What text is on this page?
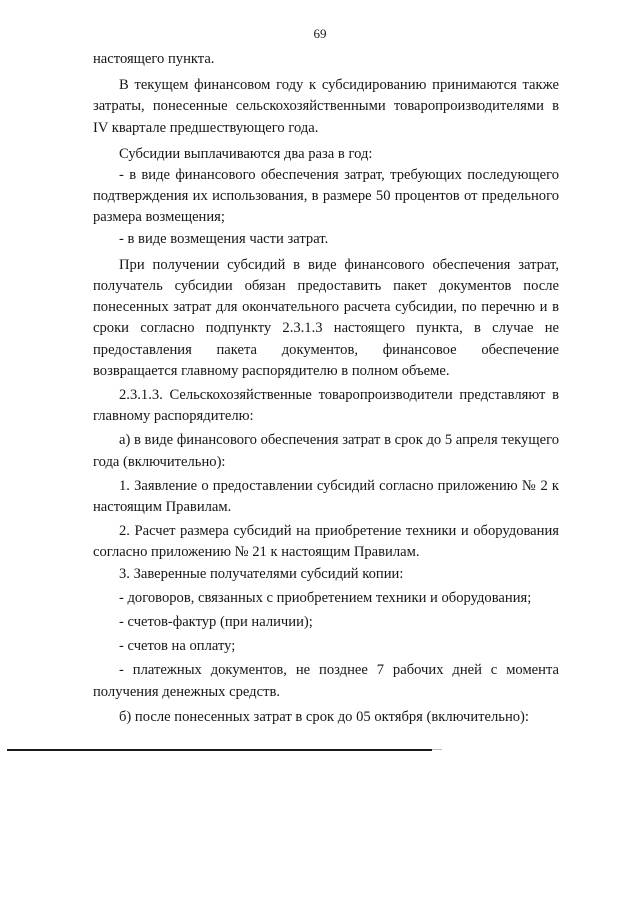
69

настоящего пункта.

В текущем финансовом году к субсидированию принимаются также затраты, понесенные сельскохозяйственными товаропроизводителями в IV квартале предшествующего года.

Субсидии выплачиваются два раза в год:

- в виде финансового обеспечения затрат, требующих последующего подтверждения их использования, в размере 50 процентов от предельного размера возмещения;

- в виде возмещения части затрат.

При получении субсидий в виде финансового обеспечения затрат, получатель субсидии обязан предоставить пакет документов после понесенных затрат для окончательного расчета субсидии, по перечню и в сроки согласно подпункту 2.3.1.3 настоящего пункта, в случае не предоставления пакета документов, финансовое обеспечение возвращается главному распорядителю в полном объеме.

2.3.1.3. Сельскохозяйственные товаропроизводители представляют в главному распорядителю:

а) в виде финансового обеспечения затрат в срок до 5 апреля текущего года (включительно):

1. Заявление о предоставлении субсидий согласно приложению № 2 к настоящим Правилам.

2. Расчет размера субсидий на приобретение техники и оборудования согласно приложению № 21 к настоящим Правилам.

3. Заверенные получателями субсидий копии:

- договоров, связанных с приобретением техники и оборудования;

- счетов-фактур (при наличии);

- счетов на оплату;

- платежных документов, не позднее 7 рабочих дней с момента получения денежных средств.

б) после понесенных затрат в срок до 05 октября (включительно):
